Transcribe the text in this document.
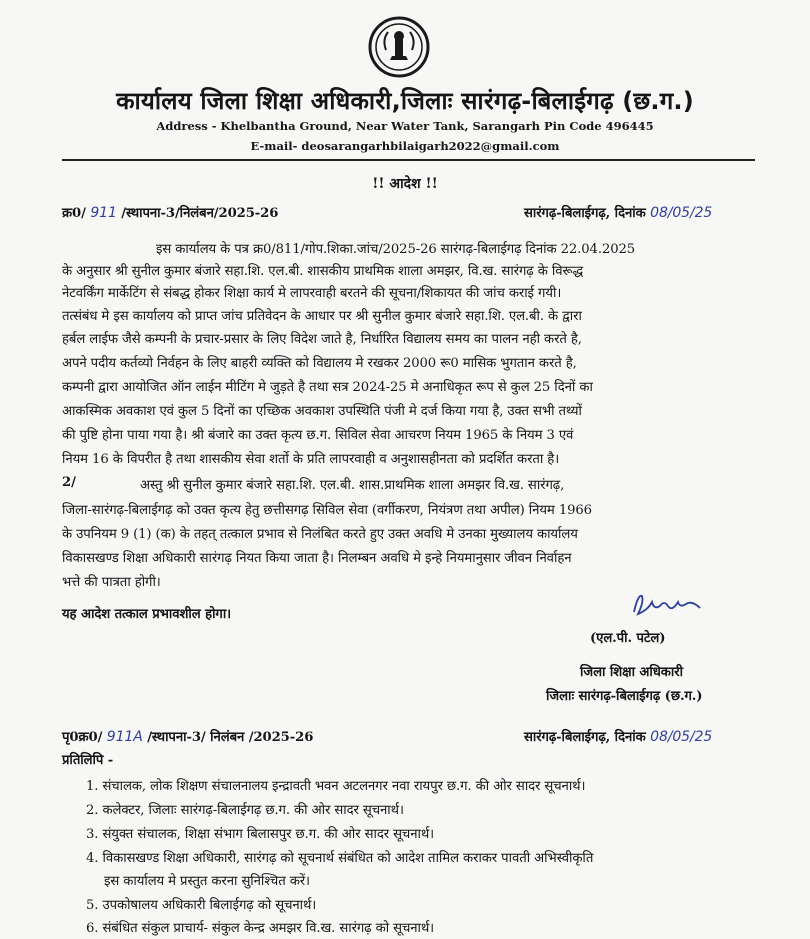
कार्यालय जिला शिक्षा अधिकारी,जिलाः सारंगढ़-बिलाईगढ़ (छ.ग.)
Address - Khelbantha Ground, Near Water Tank, Sarangarh Pin Code 496445
E-mail- deosarangarhbilaigarh2022@gmail.com
!! आदेश !!
क्र0/ 911 /स्थापना-3/निलंबन/2025-26	सारंगढ़-बिलाईगढ़, दिनांक 08/05/25
इस कार्यालय के पत्र क्र0/811/गोप.शिका.जांच/2025-26 सारंगढ़-बिलाईगढ़ दिनांक 22.04.2025
के अनुसार श्री सुनील कुमार बंजारे सहा.शि. एल.बी. शासकीय प्राथमिक शाला अमझर, वि.ख. सारंगढ़ के विरूद्ध
नेटवर्किंग मार्केटिंग से संबद्ध होकर शिक्षा कार्य मे लापरवाही बरतने की सूचना/शिकायत की जांच कराई गयी।
तत्संबंध मे इस कार्यालय को प्राप्त जांच प्रतिवेदन के आधार पर श्री सुनील कुमार बंजारे सहा.शि. एल.बी. के द्वारा
हर्बल लाईफ जैसे कम्पनी के प्रचार-प्रसार के लिए विदेश जाते है, निर्धारित विद्यालय समय का पालन नही करते है,
अपने पदीय कर्तव्यो निर्वहन के लिए बाहरी व्यक्ति को विद्यालय मे रखकर 2000 रू0 मासिक भुगतान करते है,
कम्पनी द्वारा आयोजित ऑन लाईन मीटिंग मे जुड़ते है तथा सत्र 2024-25 मे अनाधिकृत रूप से कुल 25 दिनों का
आकस्मिक अवकाश एवं कुल 5 दिनों का एच्छिक अवकाश उपस्थिति पंजी मे दर्ज किया गया है, उक्त सभी तथ्यों
की पुष्टि होना पाया गया है। श्री बंजारे का उक्त कृत्य छ.ग. सिविल सेवा आचरण नियम 1965 के नियम 3 एवं
नियम 16 के विपरीत है तथा शासकीय सेवा शर्तो के प्रति लापरवाही व अनुशासहीनता को प्रदर्शित करता है।
2/	अस्तु श्री सुनील कुमार बंजारे सहा.शि. एल.बी. शास.प्राथमिक शाला अमझर वि.ख. सारंगढ़,
जिला-सारंगढ़-बिलाईगढ़ को उक्त कृत्य हेतु छत्तीसगढ़ सिविल सेवा (वर्गीकरण, नियंत्रण तथा अपील) नियम 1966
के उपनियम 9 (1) (क) के तहत् तत्काल प्रभाव से निलंबित करते हुए उक्त अवधि मे उनका मुख्यालय कार्यालय
विकासखण्ड शिक्षा अधिकारी सारंगढ़ नियत किया जाता है। निलम्बन अवधि मे इन्हे नियमानुसार जीवन निर्वाहन
भत्ते की पात्रता होगी।
यह आदेश तत्काल प्रभावशील होगा।
(एल.पी. पटेल)
जिला शिक्षा अधिकारी
जिलाः सारंगढ़-बिलाईगढ़ (छ.ग.)
पृ0क्र0/ 911A /स्थापना-3/ निलंबन /2025-26	सारंगढ़-बिलाईगढ़, दिनांक 08/05/25
प्रतिलिपि -
1. संचालक, लोक शिक्षण संचालनालय इन्द्रावती भवन अटलनगर नवा रायपुर छ.ग. की ओर सादर सूचनार्थ।
2. कलेक्टर, जिलाः सारंगढ़-बिलाईगढ़ छ.ग. की ओर सादर सूचनार्थ।
3. संयुक्त संचालक, शिक्षा संभाग बिलासपुर छ.ग. की ओर सादर सूचनार्थ।
4. विकासखण्ड शिक्षा अधिकारी, सारंगढ़ को सूचनार्थ संबंधित को आदेश तामिल कराकर पावती अभिस्वीकृति
इस कार्यालय मे प्रस्तुत करना सुनिश्चित करें।
5. उपकोषालय अधिकारी बिलाईगढ़ को सूचनार्थ।
6. संबंधित संकुल प्राचार्य- संकुल केन्द्र अमझर वि.ख. सारंगढ़ को सूचनार्थ।
